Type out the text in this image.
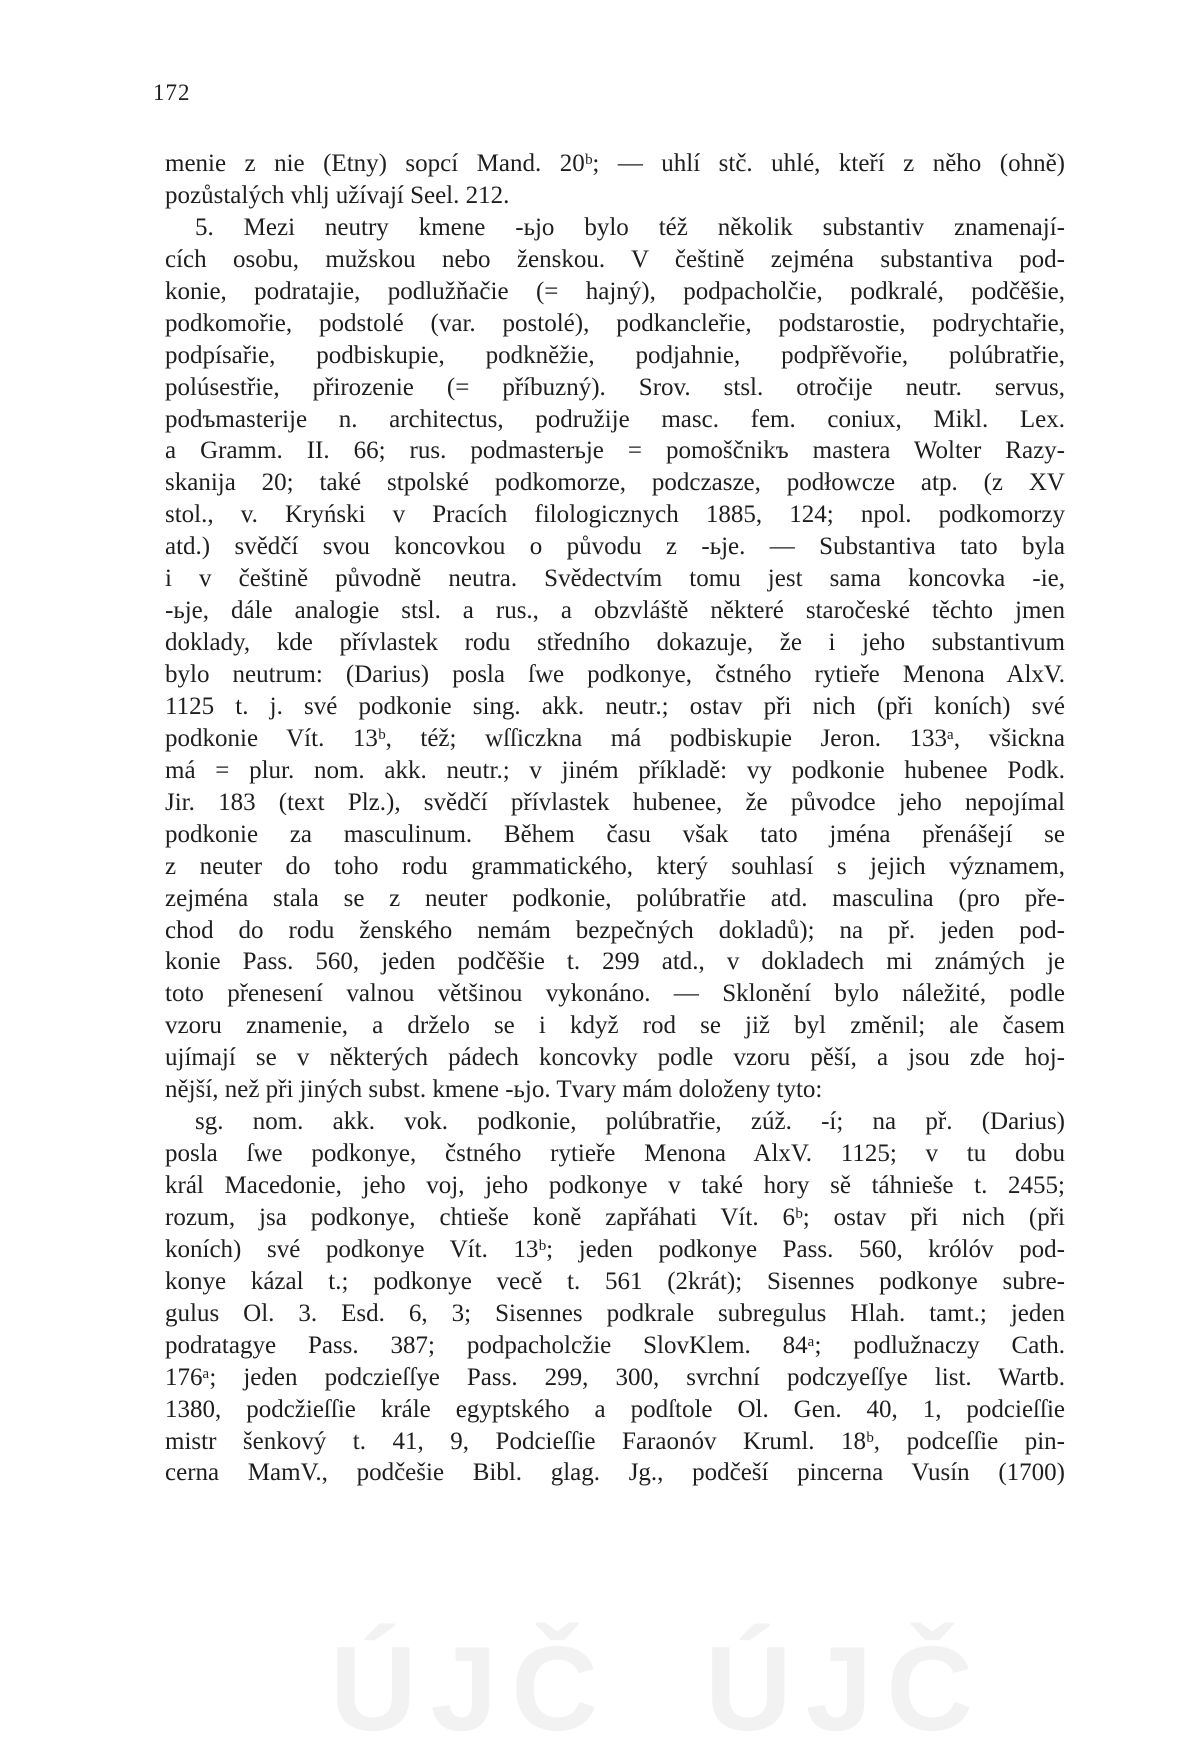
172
menie z nie (Etny) sopcí Mand. 20ᵇ; — uhlí stč. uhlé, kteří z něho (ohně)
pozůstalých vhlj užívají Seel. 212.
5. Mezi neutry kmene -ьjo bylo též několik substantiv znamenají-
cích osobu, mužskou nebo ženskou. V češtině zejména substantiva pod-
konie, podratajie, podlužňačie (= hajný), podpacholčie, podkralé, podčěšie,
podkomořie, podstolé (var. postolé), podkancleřie, podstarostie, podrychtařie,
podpísařie, podbiskupie, podkněžie, podjahnie, podpřěvořie, polúbratřie,
polúsestřie, přirozenie (= příbuzný). Srov. stsl. otročije neutr. servus,
podъmasterije n. architectus, podružije masc. fem. coniux, Mikl. Lex.
a Gramm. II. 66; rus. podmasterьje = pomoščnikъ mastera Wolter Razy-
skanija 20; také stpolské podkomorze, podczasze, podłowcze atp. (z XV
stol., v. Kryński v Pracích filologicznych 1885, 124; npol. podkomorzy
atd.) svědčí svou koncovkou o původu z -ьje. — Substantiva tato byla
i v češtině původně neutra. Svědectvím tomu jest sama koncovka -ie,
-ьje, dále analogie stsl. a rus., a obzvláště některé staročeské těchto jmen
doklady, kde přívlastek rodu středního dokazuje, že i jeho substantivum
bylo neutrum: (Darius) posla ſwe podkonye, čstného rytieře Menona AlxV.
1125 t. j. své podkonie sing. akk. neutr.; ostav při nich (při koních) své
podkonie Vít. 13ᵇ, též; wſſiczkna má podbiskupie Jeron. 133ᵃ, všickna
má = plur. nom. akk. neutr.; v jiném příkladě: vy podkonie hubenee Podk.
Jir. 183 (text Plz.), svědčí přívlastek hubenee, že původce jeho nepojímal
podkonie za masculinum. Během času však tato jména přenášejí se
z neuter do toho rodu grammatického, který souhlasí s jejich významem,
zejména stala se z neuter podkonie, polúbratřie atd. masculina (pro pře-
chod do rodu ženského nemám bezpečných dokladů); na př. jeden pod-
konie Pass. 560, jeden podčěšie t. 299 atd., v dokladech mi známých je
toto přenesení valnou většinou vykonáno. — Sklonění bylo náležité, podle
vzoru znamenie, a drželo se i když rod se již byl změnil; ale časem
ujímají se v některých pádech koncovky podle vzoru pěší, a jsou zde hoj-
nější, než při jiných subst. kmene -ьjo. Tvary mám doloženy tyto:
sg. nom. akk. vok. podkonie, polúbratřie, zúž. -í; na př. (Darius)
posla ſwe podkonye, čstného rytieře Menona AlxV. 1125; v tu dobu
král Macedonie, jeho voj, jeho podkonye v také hory sě táhnieše t. 2455;
rozum, jsa podkonye, chtieše koně zapřáhati Vít. 6ᵇ; ostav při nich (při
koních) své podkonye Vít. 13ᵇ; jeden podkonye Pass. 560, królóv pod-
konye kázal t.; podkonye vecě t. 561 (2krát); Sisennes podkonye subre-
gulus Ol. 3. Esd. 6, 3; Sisennes podkrale subregulus Hlah. tamt.; jeden
podratagye Pass. 387; podpacholcžie SlovKlem. 84ᵃ; podlužnaczy Cath.
176ᵃ; jeden podczieſſye Pass. 299, 300, svrchní podczyeſſye list. Wartb.
1380, podcžieſſie krále egyptského a podſtole Ol. Gen. 40, 1, podcieſſie
mistr šenkový t. 41, 9, Podcieſſie Faraonóv Kruml. 18ᵇ, podceſſie pin-
cerna MamV., podčešie Bibl. glag. Jg., podčeší pincerna Vusín (1700)
ÚJČ ÚJČ
